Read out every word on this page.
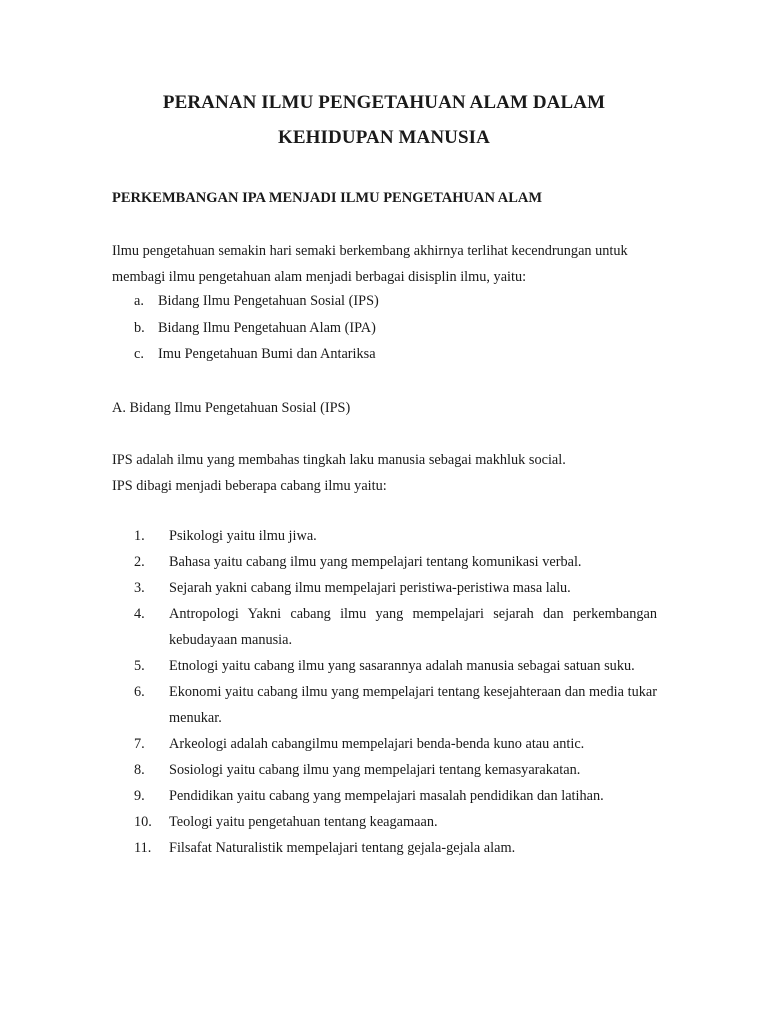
PERANAN ILMU PENGETAHUAN ALAM DALAM
KEHIDUPAN MANUSIA
PERKEMBANGAN IPA MENJADI ILMU PENGETAHUAN ALAM
Ilmu pengetahuan semakin hari semaki berkembang akhirnya terlihat kecendrungan untuk membagi ilmu pengetahuan alam menjadi berbagai disisplin ilmu, yaitu:
a. Bidang Ilmu Pengetahuan Sosial (IPS)
b. Bidang Ilmu Pengetahuan Alam (IPA)
c. Imu Pengetahuan Bumi dan Antariksa
A. Bidang Ilmu Pengetahuan Sosial (IPS)
IPS adalah ilmu yang membahas tingkah laku manusia sebagai makhluk social.
IPS dibagi menjadi beberapa cabang ilmu yaitu:
1.	Psikologi yaitu ilmu jiwa.
2.	Bahasa yaitu cabang ilmu yang mempelajari tentang komunikasi verbal.
3.	Sejarah yakni cabang ilmu mempelajari peristiwa-peristiwa masa lalu.
4.	Antropologi Yakni cabang ilmu yang mempelajari sejarah dan perkembangan kebudayaan manusia.
5.	Etnologi yaitu cabang ilmu yang sasarannya adalah manusia sebagai satuan suku.
6.	Ekonomi yaitu cabang ilmu yang mempelajari tentang kesejahteraan dan media tukar menukar.
7.	Arkeologi adalah cabangilmu mempelajari benda-benda kuno atau antic.
8.	Sosiologi yaitu cabang ilmu yang mempelajari tentang kemasyarakatan.
9.	Pendidikan yaitu cabang yang mempelajari masalah pendidikan dan latihan.
10.	Teologi yaitu pengetahuan tentang keagamaan.
11.	Filsafat Naturalistik mempelajari tentang gejala-gejala alam.
